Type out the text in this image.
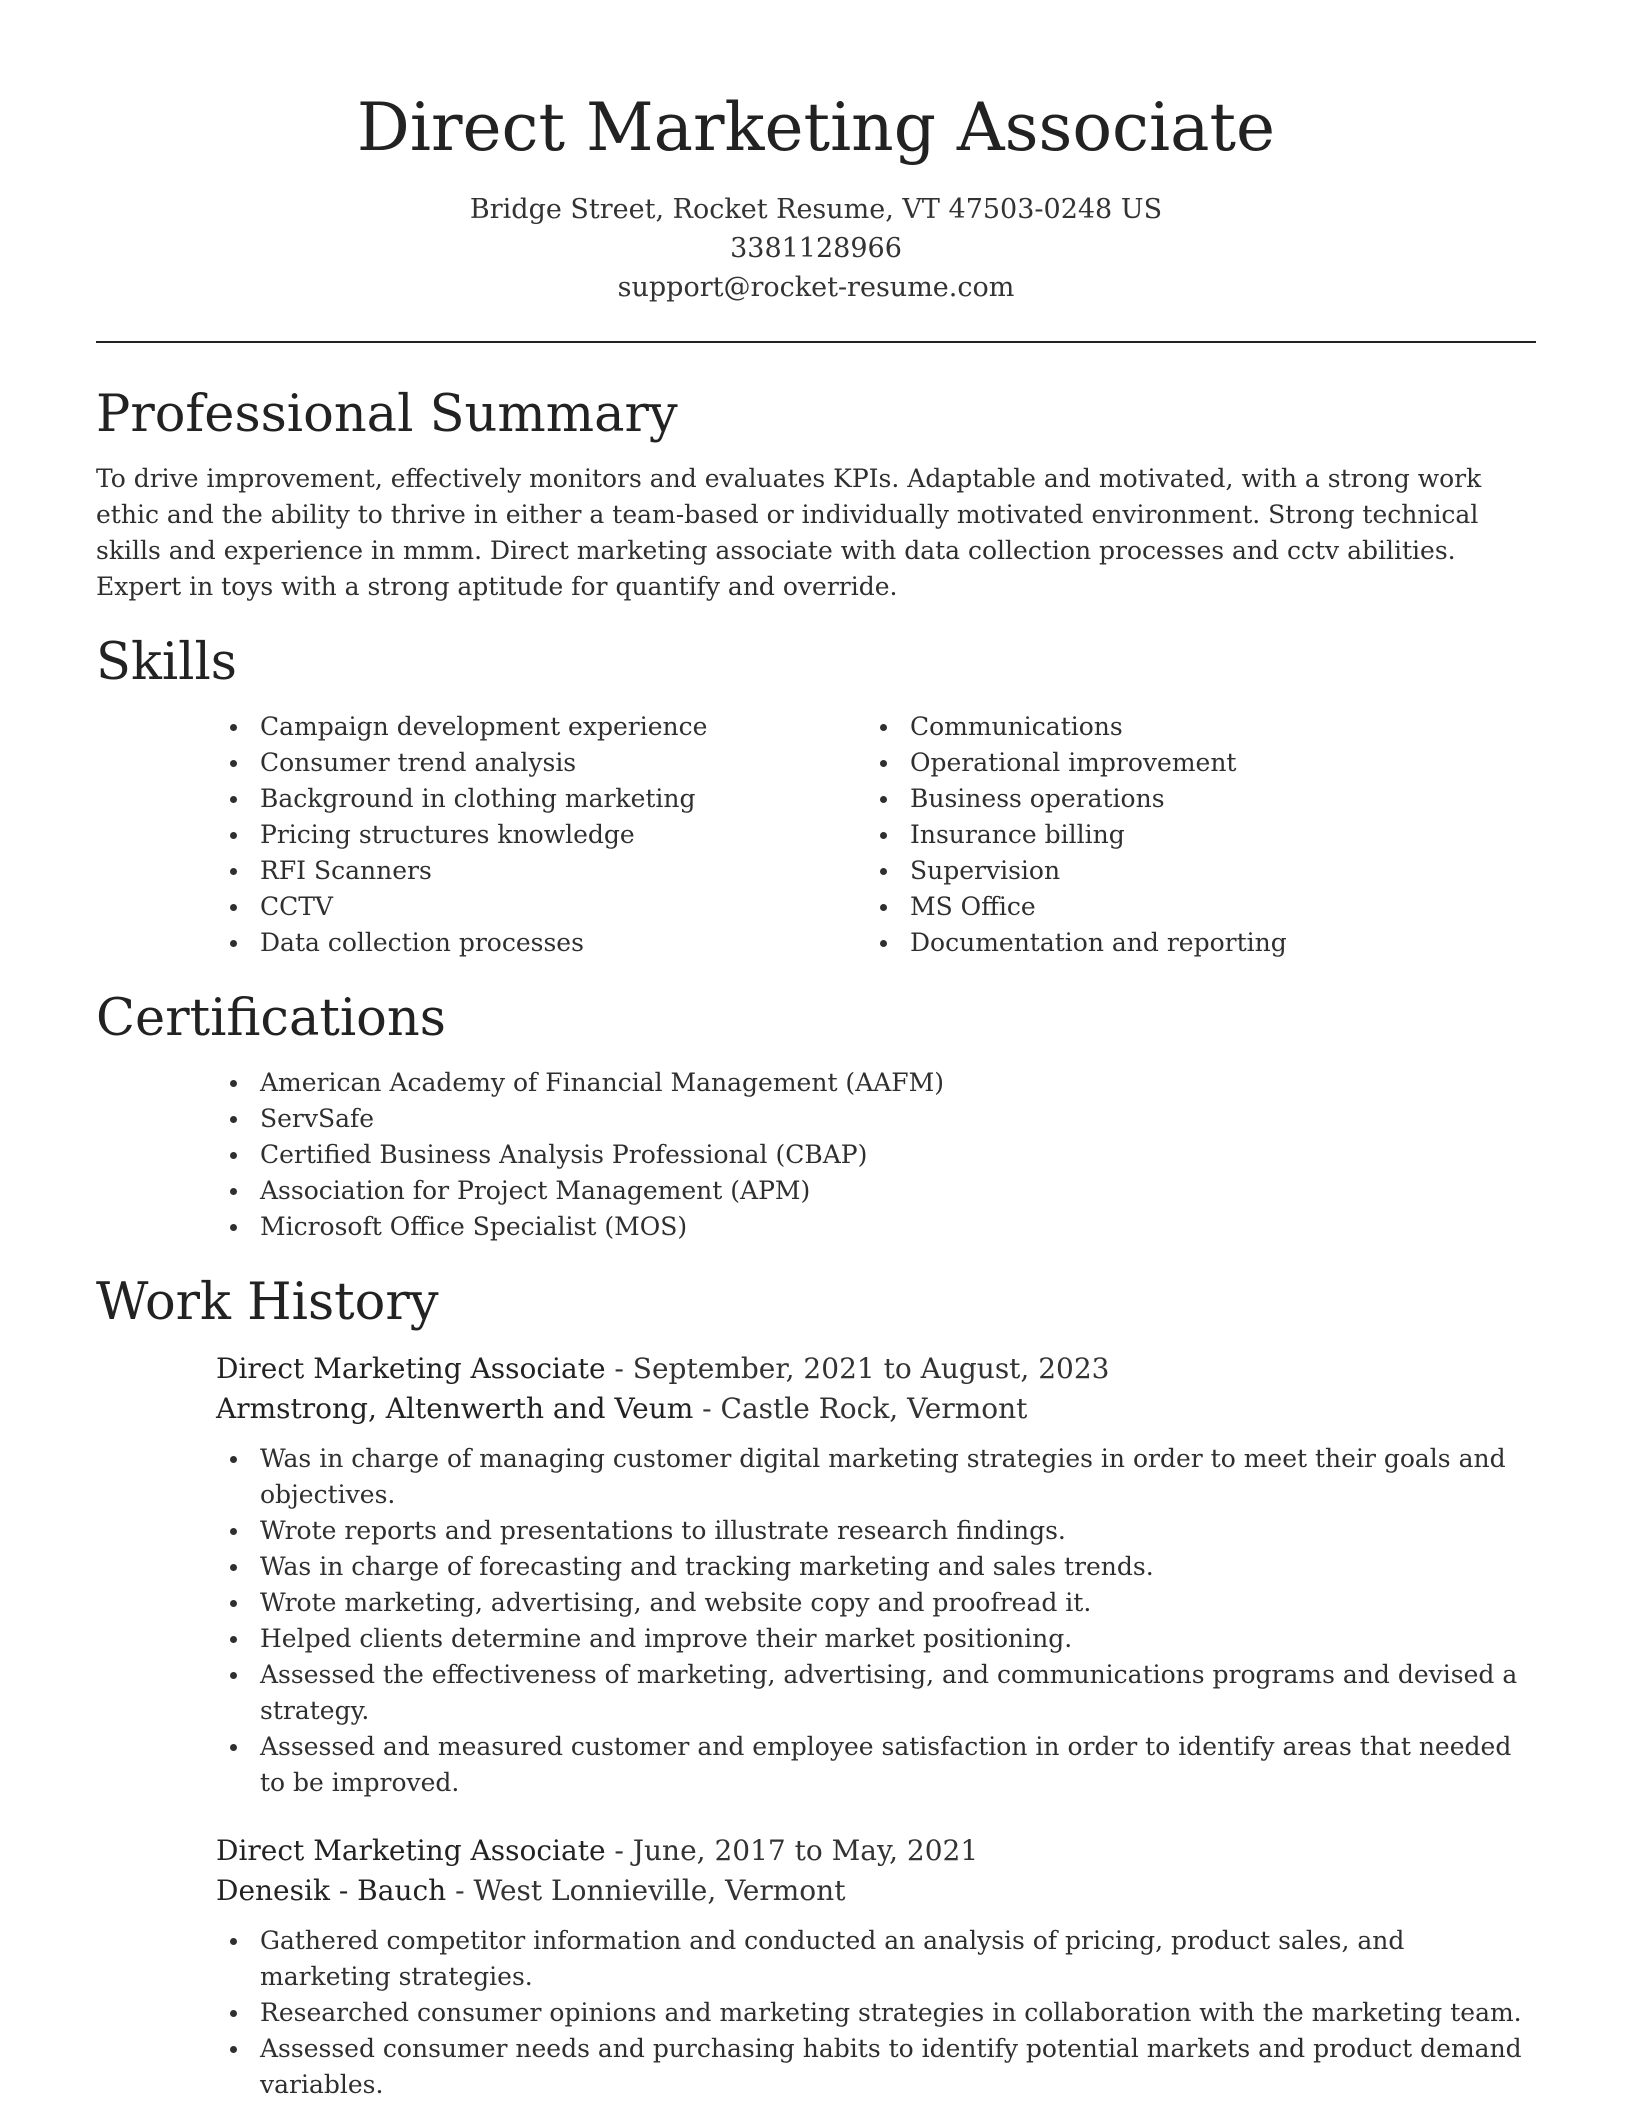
Direct Marketing Associate
Bridge Street, Rocket Resume, VT 47503-0248 US
3381128966
support@rocket-resume.com
Professional Summary

To drive improvement, effectively monitors and evaluates KPIs. Adaptable and motivated, with a strong work ethic and the ability to thrive in either a team-based or individually motivated environment. Strong technical skills and experience in mmm. Direct marketing associate with data collection processes and cctv abilities. Expert in toys with a strong aptitude for quantify and override.

Skills
Campaign development experience
Consumer trend analysis
Background in clothing marketing
Pricing structures knowledge
RFI Scanners
CCTV
Data collection processes
Communications
Operational improvement
Business operations
Insurance billing
Supervision
MS Office
Documentation and reporting
Certifications
American Academy of Financial Management (AAFM)
ServSafe
Certified Business Analysis Professional (CBAP)
Association for Project Management (APM)
Microsoft Office Specialist (MOS)
Work History
Direct Marketing Associate - September, 2021 to August, 2023
Armstrong, Altenwerth and Veum - Castle Rock, Vermont
Was in charge of managing customer digital marketing strategies in order to meet their goals and objectives.
Wrote reports and presentations to illustrate research findings.
Was in charge of forecasting and tracking marketing and sales trends.
Wrote marketing, advertising, and website copy and proofread it.
Helped clients determine and improve their market positioning.
Assessed the effectiveness of marketing, advertising, and communications programs and devised a strategy.
Assessed and measured customer and employee satisfaction in order to identify areas that needed to be improved.
Direct Marketing Associate - June, 2017 to May, 2021
Denesik - Bauch - West Lonnieville, Vermont
Gathered competitor information and conducted an analysis of pricing, product sales, and marketing strategies.
Researched consumer opinions and marketing strategies in collaboration with the marketing team.
Assessed consumer needs and purchasing habits to identify potential markets and product demand variables.
